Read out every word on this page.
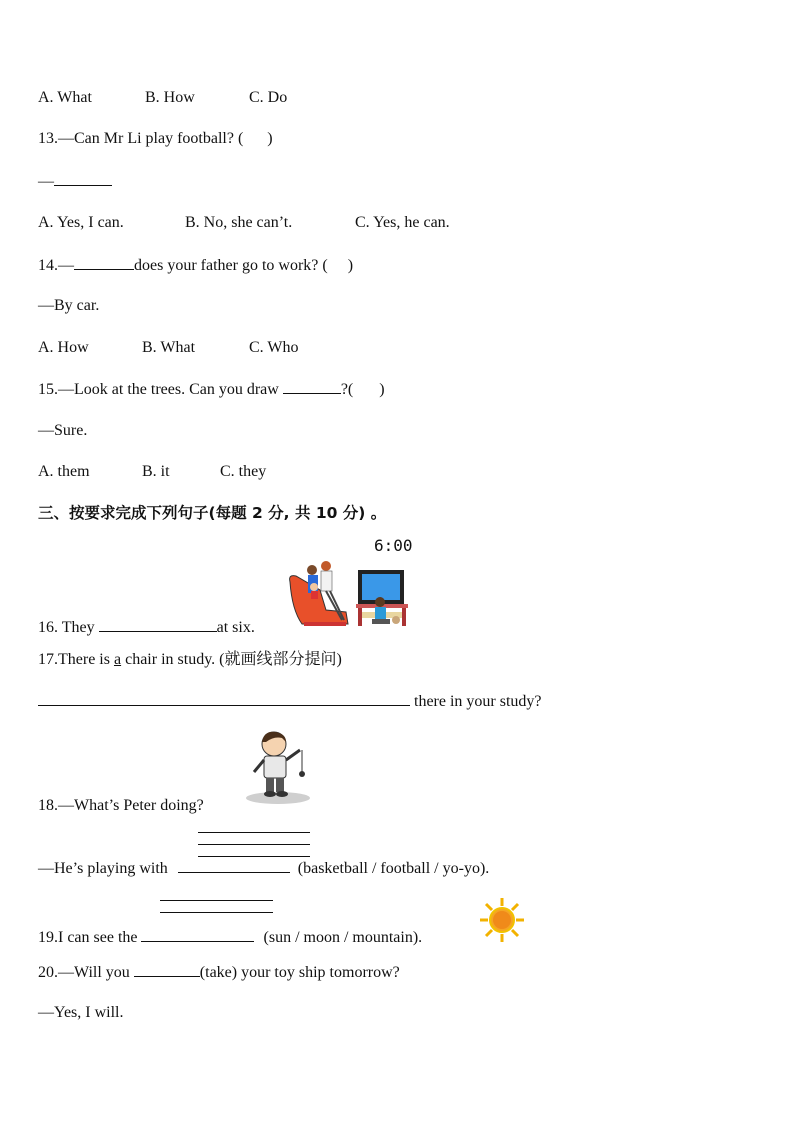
A. What	B. How	C. Do
13.—Can Mr Li play football? ( )
—
A. Yes, I can.	B. No, she can’t.	C. Yes, he can.
14.—	does your father go to work? ( )
—By car.
A. How	B. What	C. Who
15.—Look at the trees. Can you draw	?( )
—Sure.
A. them	B. it	C. they
三、按要求完成下列句子(每题 2 分, 共 10 分) 。
6:00
16. They	at six.
17.There is a chair in study. (就画线部分提问)
there in your study?
18.—What’s Peter doing?
—He’s playing with	(basketball / football / yo-yo).
19.I can see the	(sun / moon / mountain).
20.—Will you	(take) your toy ship tomorrow?
—Yes, I will.
